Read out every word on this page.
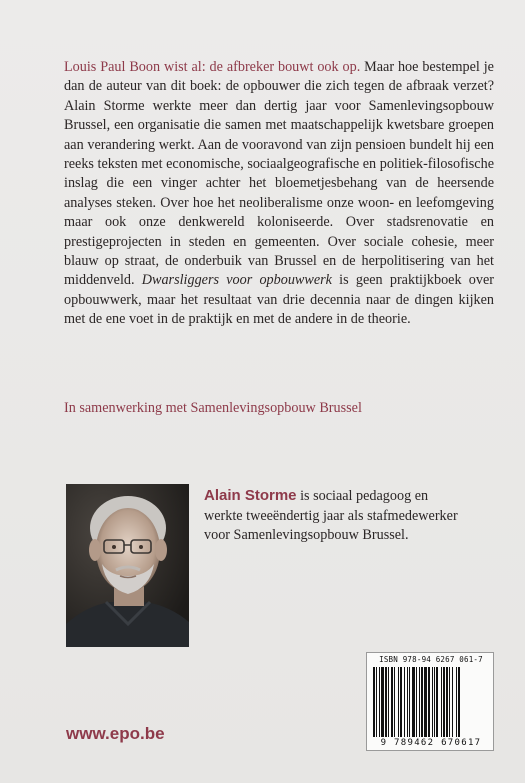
Louis Paul Boon wist al: de afbreker bouwt ook op. Maar hoe bestempel je dan de auteur van dit boek: de opbouwer die zich tegen de afbraak verzet? Alain Storme werkte meer dan dertig jaar voor Samenlevingsopbouw Brussel, een organisatie die samen met maatschappelijk kwetsbare groepen aan verandering werkt. Aan de vooravond van zijn pensioen bundelt hij een reeks teksten met economische, sociaalgeografische en politiek-filosofische inslag die een vinger achter het bloemetjesbehang van de heersende analyses steken. Over hoe het neoliberalisme onze woon- en leefomgeving maar ook onze denkwereld koloniseerde. Over stadsrenovatie en prestigeprojecten in steden en gemeenten. Over sociale cohesie, meer blauw op straat, de onderbuik van Brussel en de herpolitisering van het middenveld. Dwarsliggers voor opbouwwerk is geen praktijkboek over opbouwwerk, maar het resultaat van drie decennia naar de dingen kijken met de ene voet in de praktijk en met de andere in de theorie.

In samenwerking met Samenlevingsopbouw Brussel

Alain Storme is sociaal pedagoog en werkte tweeëndertig jaar als stafmedewerker voor Samenlevingsopbouw Brussel.

ISBN 978-94 6267 061-7
9 789462 670617
www.epo.be
